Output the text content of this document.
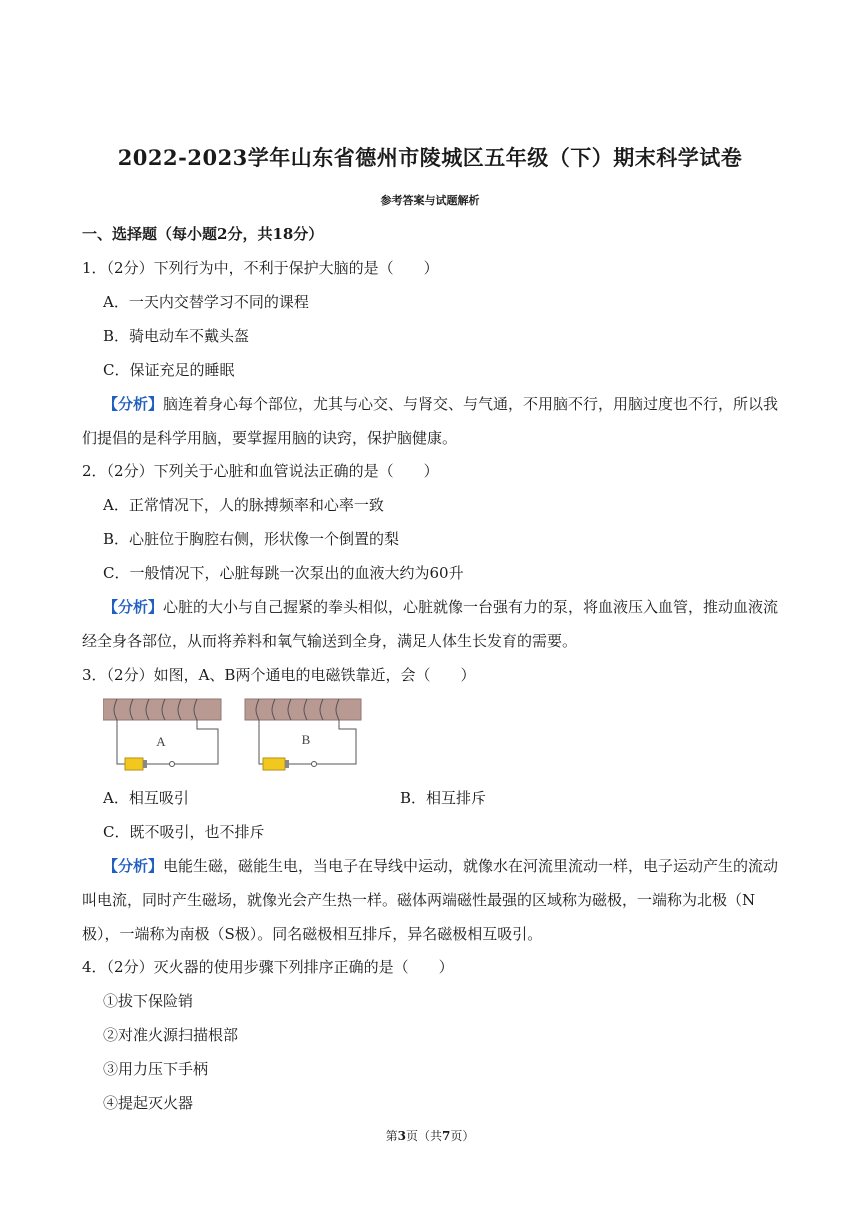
2022-2023学年山东省德州市陵城区五年级（下）期末科学试卷
参考答案与试题解析
一、选择题（每小题2分，共18分）
1．（2分）下列行为中，不利于保护大脑的是（　　）
A．一天内交替学习不同的课程
B．骑电动车不戴头盔
C．保证充足的睡眠
【分析】脑连着身心每个部位，尤其与心交、与肾交、与气通，不用脑不行，用脑过度也不行，所以我
们提倡的是科学用脑，要掌握用脑的诀窍，保护脑健康。
2．（2分）下列关于心脏和血管说法正确的是（　　）
A．正常情况下，人的脉搏频率和心率一致
B．心脏位于胸腔右侧，形状像一个倒置的梨
C．一般情况下，心脏每跳一次泵出的血液大约为60升
【分析】心脏的大小与自己握紧的拳头相似，心脏就像一台强有力的泵，将血液压入血管，推动血液流
经全身各部位，从而将养料和氧气输送到全身，满足人体生长发育的需要。
3．（2分）如图，A、B两个通电的电磁铁靠近，会（　　）
A	B
A．相互吸引	B．相互排斥
C．既不吸引，也不排斥
【分析】电能生磁，磁能生电，当电子在导线中运动，就像水在河流里流动一样，电子运动产生的流动
叫电流，同时产生磁场，就像光会产生热一样。磁体两端磁性最强的区域称为磁极，一端称为北极（N
极），一端称为南极（S极）。同名磁极相互排斥，异名磁极相互吸引。
4．（2分）灭火器的使用步骤下列排序正确的是（　　）
①拔下保险销
②对准火源扫描根部
③用力压下手柄
④提起灭火器
第3页（共7页）
